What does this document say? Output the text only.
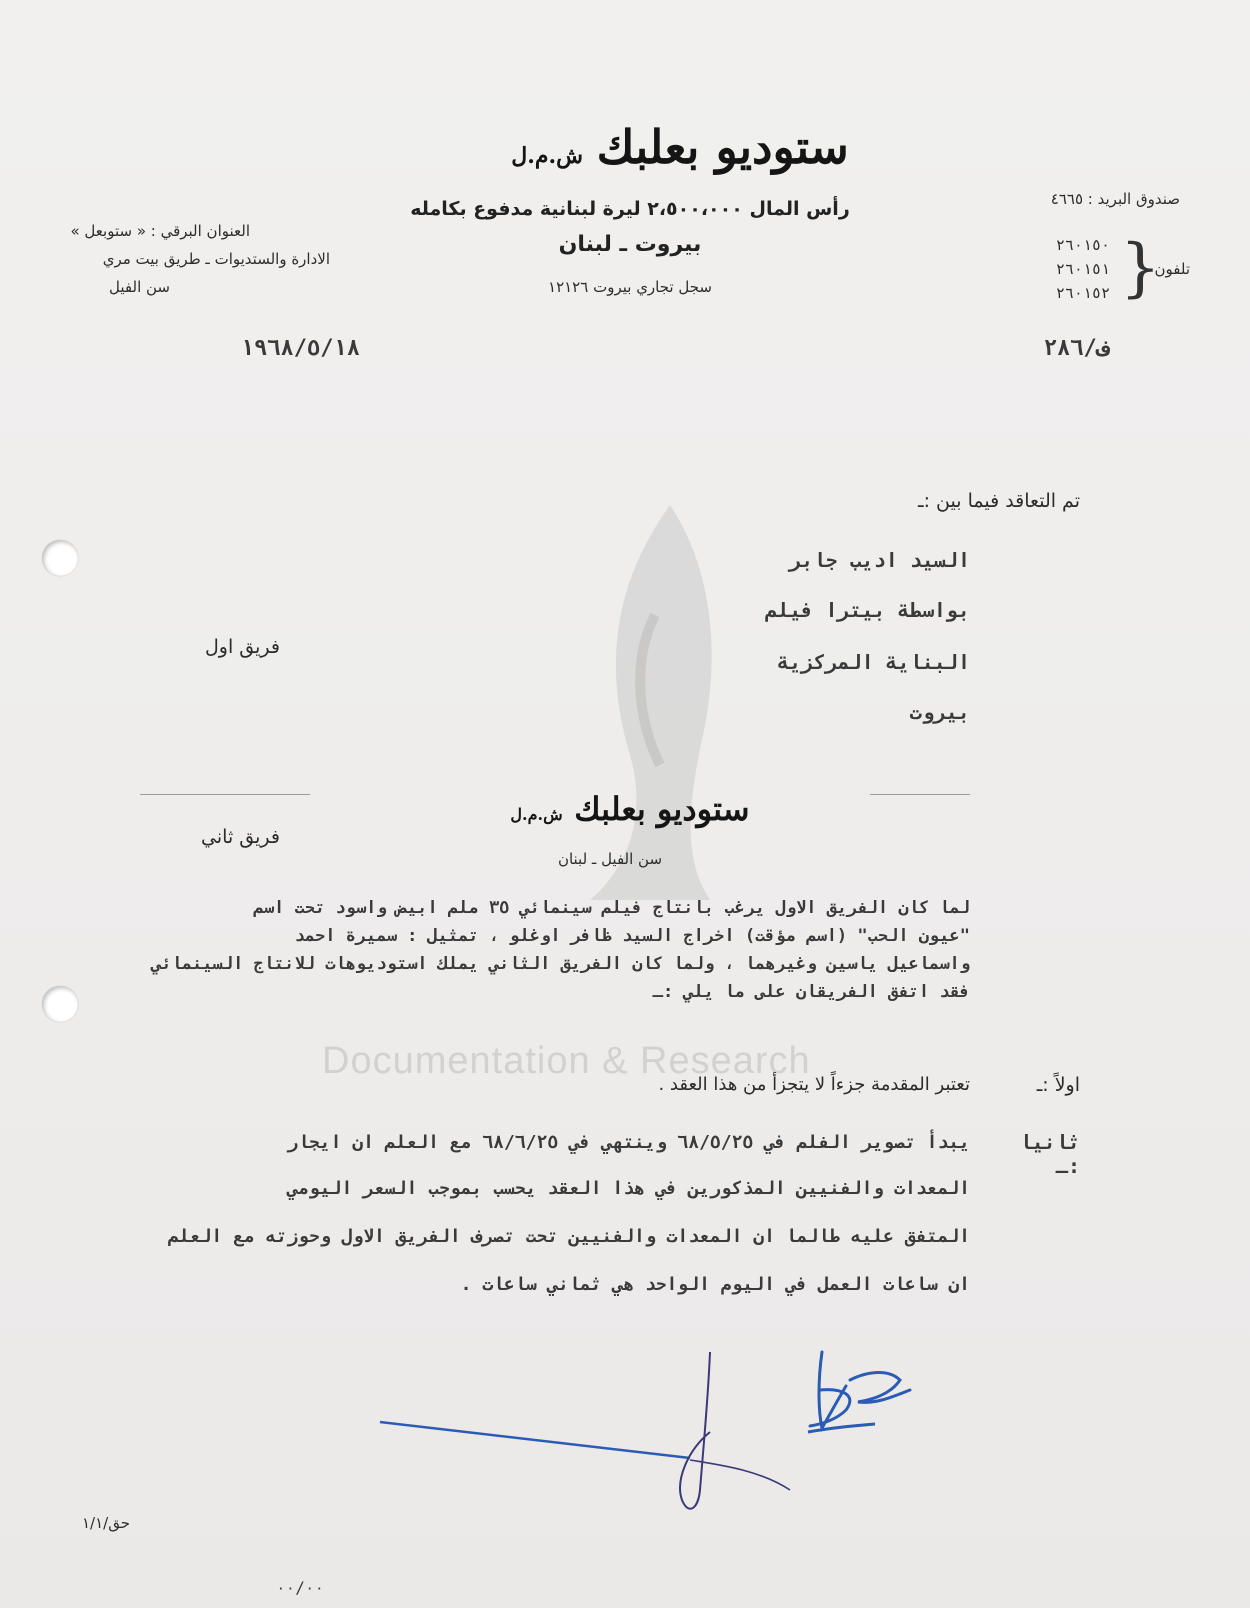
Documentation & Research
ستوديو بعلبك ش.م.ل
رأس المال ٢،٥٠٠،٠٠٠ ليرة لبنانية مدفوع بكامله
بيروت ـ لبنان
سجل تجاري بيروت ١٢١٢٦
صندوق البريد : ٤٦٦٥
تلفون
}
٢٦٠١٥٠
٢٦٠١٥١
٢٦٠١٥٢
العنوان البرقي : « ستوبعل »
الادارة والستديوات ـ طريق بيت مري
سن الفيل
ف/٢٨٦
١٩٦٨/٥/١٨
تم التعاقد فيما بين :ـ
السيد اديب جابر
بواسطة بيترا فيلم
البناية المركزية
بيروت
فريق اول
ستوديو بعلبك ش.م.ل
سن الفيل ـ لبنان
فريق ثاني
لما كان الفريق الاول يرغب بانتاج فيلم سينمائي ٣٥ ملم ابيض واسود تحت اسم
"عيون الحب" (اسم مؤقت) اخراج السيد ظافر اوغلو ، تمثيل : سميرة احمد
واسماعيل ياسين وغيرهما ، ولما كان الفريق الثاني يملك استوديوهات للانتاج السينمائي
فقد اتفق الفريقان على ما يلي :ـ
اولاً :ـ
تعتبر المقدمة جزءاً لا يتجزأ من هذا العقد .
ثانيا :ـ
يبدأ تصوير الفلم في ٦٨/٥/٢٥ وينتهي في ٦٨/٦/٢٥ مع العلم ان ايجار
المعدات والفنيين المذكورين في هذا العقد يحسب بموجب السعر اليومي
المتفق عليه طالما ان المعدات والفنيين تحت تصرف الفريق الاول وحوزته مع العلم
ان ساعات العمل في اليوم الواحد هي ثماني ساعات .
حق/١/١
٠٠/٠٠
